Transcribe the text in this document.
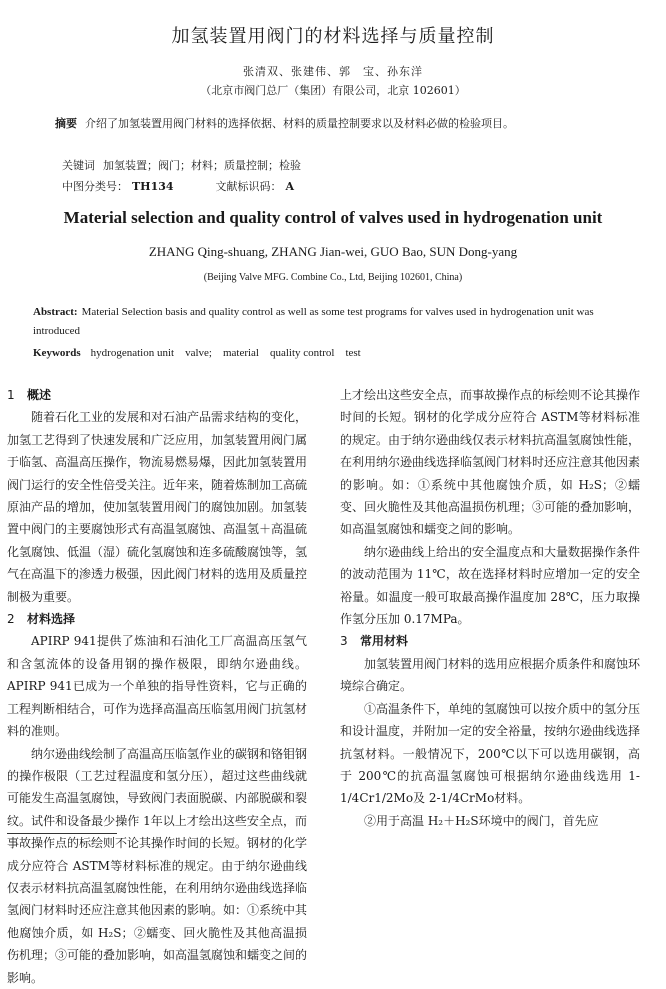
加氢装置用阀门的材料选择与质量控制
张清双、张建伟、郭　宝、孙东洋
（北京市阀门总厂（集团）有限公司，北京 102601）
摘要 介绍了加氢装置用阀门材料的选择依据、材料的质量控制要求以及材料必做的检验项目。
关键词 加氢装置；阀门；材料；质量控制；检验
中图分类号： TH134	文献标识码： A
Material selection and quality control of valves used in hydrogenation unit
ZHANG Qing-shuang, ZHANG Jian-wei, GUO Bao, SUN Dong-yang
(Beijing Valve MFG. Combine Co., Ltd, Beijing 102601, China)
Abstract: Material Selection basis and quality control as well as some test programs for valves used in hydrogenation unit was introduced
Keywords hydrogenation unit　valve;　material　quality control　test
1 概述

随着石化工业的发展和对石油产品需求结构的变化，加氢工艺得到了快速发展和广泛应用，加氢装置用阀门属于临氢、高温高压操作，物流易燃易爆，因此加氢装置用阀门运行的安全性倍受关注。近年来，随着炼制加工高硫原油产品的增加，使加氢装置用阀门的腐蚀加剧。加氢装置中阀门的主要腐蚀形式有高温氢腐蚀、高温氢＋高温硫化氢腐蚀、低温（湿）硫化氢腐蚀和连多硫酸腐蚀等，氢气在高温下的渗透力极强，因此阀门材料的选用及质量控制极为重要。

2 材料选择

APIRP 941提供了炼油和石油化工厂高温高压氢气和含氢流体的设备用钢的操作极限，即纳尔逊曲线。APIRP 941已成为一个单独的指导性资料，它与正确的工程判断相结合，可作为选择高温高压临氢用阀门抗氢材料的准则。

纳尔逊曲线绘制了高温高压临氢作业的碳钢和铬钼钢的操作极限（工艺过程温度和氢分压），超过这些曲线就可能发生高温氢腐蚀，导致阀门表面脱碳、内部脱碳和裂纹。试件和设备最少操作 1年以上才绘出这些安全点，而事故操作点的标绘则不论其操作时间的长短。钢材的化学成分应符合 ASTM等材料标准的规定。由于纳尔逊曲线仅表示材料抗高温氢腐蚀性能，在利用纳尔逊曲线选择临氢阀门材料时还应注意其他因素的影响。如：①系统中其他腐蚀介质，如 H₂S；②蠕变、回火脆性及其他高温损伤机理；③可能的叠加影响，如高温氢腐蚀和蠕变之间的影响。

上才绘出这些安全点，而事故操作点的标绘则不论其操作时间的长短。钢材的化学成分应符合 ASTM等材料标准的规定。由于纳尔逊曲线仅表示材料抗高温氢腐蚀性能，在利用纳尔逊曲线选择临氢阀门材料时还应注意其他因素的影响。如：①系统中其他腐蚀介质，如 H₂S；②蠕变、回火脆性及其他高温损伤机理；③可能的叠加影响，如高温氢腐蚀和蠕变之间的影响。

纳尔逊曲线上给出的安全温度点和大量数据操作条件的波动范围为 11℃，故在选择材料时应增加一定的安全裕量。如温度一般可取最高操作温度加 28℃，压力取操作氢分压加 0.17MPa。

3 常用材料

加氢装置用阀门材料的选用应根据介质条件和腐蚀环境综合确定。

①高温条件下，单纯的氢腐蚀可以按介质中的氢分压和设计温度，并附加一定的安全裕量，按纳尔逊曲线选择抗氢材料。一般情况下，200℃以下可以选用碳钢，高于 200℃的抗高温氢腐蚀可根据纳尔逊曲线选用 1-1/4Cr1/2Mo及 2-1/4CrMo材料。

②用于高温 H₂＋H₂S环境中的阀门，首先应
